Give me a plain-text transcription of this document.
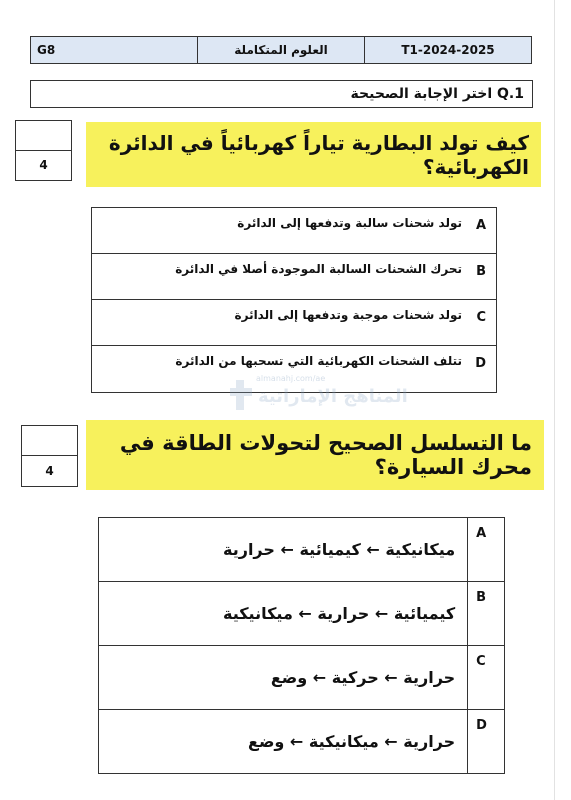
G8	العلوم المتكاملة	T1-2024-2025
Q.1 اختر الإجابة الصحيحة
4
كيف تولد البطارية تياراً كهربائياً في الدائرة الكهربائية؟
A
تولد شحنات سالبة وتدفعها إلى الدائرة
B
تحرك الشحنات السالبة الموجودة أصلا في الدائرة
C
تولد شحنات موجبة وتدفعها إلى الدائرة
D
تتلف الشحنات الكهربائية التي تسحبها من الدائرة
almanahj.com/ae
المناهج الإماراتية
4
ما التسلسل الصحيح لتحولات الطاقة في محرك السيارة؟
ميكانيكية ← كيميائية ← حرارية
كيميائية ← حرارية ← ميكانيكية
حرارية ← حركية ← وضع
حرارية ← ميكانيكية ← وضع
A
B
C
D
